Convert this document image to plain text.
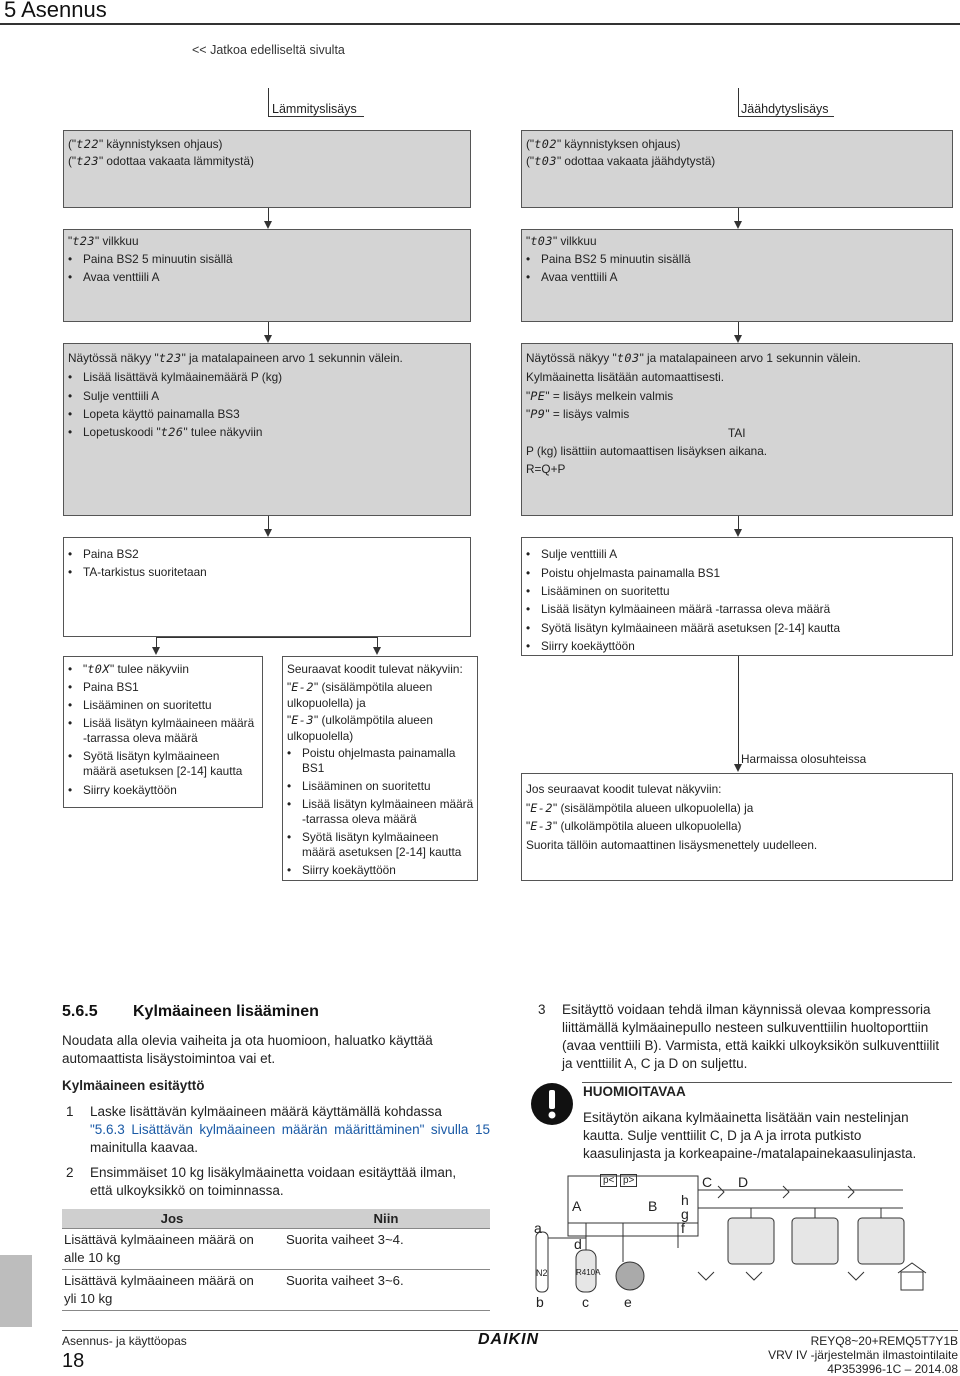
5 Asennus
<< Jatkoa edelliseltä sivulta
Lämmityslisäys	Jäähdytyslisäys
("t22" käynnistyksen ohjaus)
("t23" odottaa vakaata lämmitystä)
("t02" käynnistyksen ohjaus)
("t03" odottaa vakaata jäähdytystä)
"t23" vilkkuu
• Paina BS2 5 minuutin sisällä
• Avaa venttiili A
"t03" vilkkuu
• Paina BS2 5 minuutin sisällä
• Avaa venttiili A
Näytössä näkyy "t23" ja matalapaineen arvo 1 sekunnin välein.
• Lisää lisättävä kylmäainemäärä P (kg)
• Sulje venttiili A
• Lopeta käyttö painamalla BS3
• Lopetuskoodi "t26" tulee näkyviin
Näytössä näkyy "t03" ja matalapaineen arvo 1 sekunnin välein.
Kylmäainetta lisätään automaattisesti.
"PE" = lisäys melkein valmis
"P9" = lisäys valmis
TAI
P (kg) lisättiin automaattisen lisäyksen aikana.
R=Q+P
• Paina BS2
• TA-tarkistus suoritetaan
• Sulje venttiili A
• Poistu ohjelmasta painamalla BS1
• Lisääminen on suoritettu
• Lisää lisätyn kylmäaineen määrä -tarrassa oleva määrä
• Syötä lisätyn kylmäaineen määrä asetuksen [2-14] kautta
• Siirry koekäyttöön
• "t0X" tulee näkyviin
• Paina BS1
• Lisääminen on suoritettu
• Lisää lisätyn kylmäaineen määrä
-tarrassa oleva määrä
• Syötä lisätyn kylmäaineen
määrä asetuksen [2-14] kautta
• Siirry koekäyttöön
Seuraavat koodit tulevat näkyviin:
"E-2" (sisälämpötila alueen
ulkopuolella) ja
"E-3" (ulkolämpötila alueen
ulkopuolella)
• Poistu ohjelmasta painamalla
BS1
• Lisääminen on suoritettu
• Lisää lisätyn kylmäaineen määrä
-tarrassa oleva määrä
• Syötä lisätyn kylmäaineen
määrä asetuksen [2-14] kautta
• Siirry koekäyttöön
Harmaissa olosuhteissa
Jos seuraavat koodit tulevat näkyviin:
"E-2" (sisälämpötila alueen ulkopuolella) ja
"E-3" (ulkolämpötila alueen ulkopuolella)
Suorita tällöin automaattinen lisäysmenettely uudelleen.
5.6.5 Kylmäaineen lisääminen
Noudata alla olevia vaiheita ja ota huomioon, haluatko käyttää
automaattista lisäystoimintoa vai et.
Kylmäaineen esitäyttö
1 Laske lisättävän kylmäaineen määrä käyttämällä kohdassa
"5.6.3 Lisättävän kylmäaineen määrän määrittäminen" sivulla 15 mainitulla kaavaa.
2 Ensimmäiset 10 kg lisäkylmäainetta voidaan esitäyttää ilman,
että ulkoyksikkö on toiminnassa.
Jos	Niin

Lisättävä kylmäaineen määrä on
alle 10 kg	Suorita vaiheet 3~4.

Lisättävä kylmäaineen määrä on
yli 10 kg	Suorita vaiheet 3~6.
3 Esitäyttö voidaan tehdä ilman käynnissä olevaa kompressoria
liittämällä kylmäainepullo nesteen sulkuventtiilin huoltoporttiin
(avaa venttiili B). Varmista, että kaikki ulkoyksikön sulkuventtiilit
ja venttiilit A, C ja D on suljettu.
HUOMIOITAVAA
Esitäytön aikana kylmäainetta lisätään vain nestelinjan
kautta. Sulje venttiilit C, D ja A ja irrota putkisto
kaasulinjasta ja korkeapaine-/matalapainekaasulinjasta.
p< p>
A	B
C D
h
g
f
a
d
N2	R410A
b	c	e
Asennus- ja käyttöopas
18
DAIKIN	REYQ8~20+REMQ5T7Y1B
VRV IV -järjestelmän ilmastointilaite
4P353996-1C – 2014.08
